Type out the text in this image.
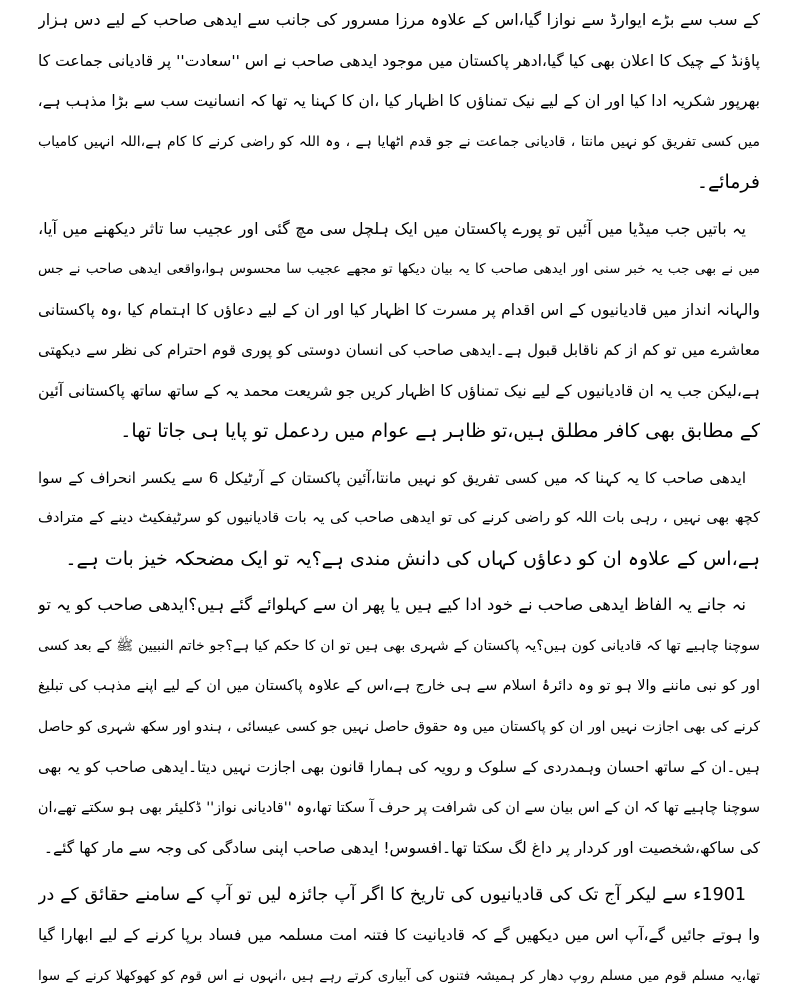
کے سب سے بڑے ایوارڈ سے نوازا گیا،اس کے علاوہ مرزا مسرور کی جانب سے ایدھی صاحب کے لیے دس ہزار
پاؤنڈ کے چیک کا اعلان بھی کیا گیا،ادھر پاکستان میں موجود ایدھی صاحب نے اس ''سعادت'' پر قادیانی جماعت کا
بھرپور شکریہ ادا کیا اور ان کے لیے نیک تمناؤں کا اظہار کیا ،ان کا کہنا یہ تھا کہ انسانیت سب سے بڑا مذہب ہے،
میں کسی تفریق کو نہیں مانتا ، قادیانی جماعت نے جو قدم اٹھایا ہے ، وہ اللہ کو راضی کرنے کا کام ہے،اللہ انہیں کامیاب
فرمائے۔
یہ باتیں جب میڈیا میں آئیں تو پورے پاکستان میں ایک ہلچل سی مچ گئی اور عجیب سا تاثر دیکھنے میں آیا،
میں نے بھی جب یہ خبر سنی اور ایدھی صاحب کا یہ بیان دیکھا تو مجھے عجیب سا محسوس ہوا،واقعی ایدھی صاحب نے جس
والہانہ انداز میں قادیانیوں کے اس اقدام پر مسرت کا اظہار کیا اور ان کے لیے دعاؤں کا اہتمام کیا ،وہ پاکستانی
معاشرے میں تو کم از کم ناقابل قبول ہے۔ایدھی صاحب کی انسان دوستی کو پوری قوم احترام کی نظر سے دیکھتی
ہے،لیکن جب یہ ان قادیانیوں کے لیے نیک تمناؤں کا اظہار کریں جو شریعت محمد یہ کے ساتھ ساتھ پاکستانی آئین
کے مطابق بھی کافر مطلق ہیں،تو ظاہر ہے عوام میں ردعمل تو پایا ہی جاتا تھا۔
ایدھی صاحب کا یہ کہنا کہ میں کسی تفریق کو نہیں مانتا،آئین پاکستان کے آرٹیکل 6 سے یکسر انحراف کے سوا
کچھ بھی نہیں ، رہی بات اللہ کو راضی کرنے کی تو ایدھی صاحب کی یہ بات قادیانیوں کو سرٹیفکیٹ دینے کے مترادف
ہے،اس کے علاوہ ان کو دعاؤں کہاں کی دانش مندی ہے؟یہ تو ایک مضحکہ خیز بات ہے۔
نہ جانے یہ الفاظ ایدھی صاحب نے خود ادا کیے ہیں یا پھر ان سے کہلوائے گئے ہیں؟ایدھی صاحب کو یہ تو
سوچنا چاہیے تھا کہ قادیانی کون ہیں؟یہ پاکستان کے شہری بھی ہیں تو ان کا حکم کیا ہے؟جو خاتم النبیین ﷺ کے بعد کسی
اور کو نبی ماننے والا ہو تو وہ دائرۂ اسلام سے ہی خارج ہے،اس کے علاوہ پاکستان میں ان کے لیے اپنے مذہب کی تبلیغ
کرنے کی بھی اجازت نہیں اور ان کو پاکستان میں وہ حقوق حاصل نہیں جو کسی عیسائی ، ہندو اور سکھ شہری کو حاصل
ہیں۔ان کے ساتھ احسان وہمدردی کے سلوک و رویہ کی ہمارا قانون بھی اجازت نہیں دیتا۔ایدھی صاحب کو یہ بھی
سوچنا چاہیے تھا کہ ان کے اس بیان سے ان کی شرافت پر حرف آ سکتا تھا،وہ ''قادیانی نواز'' ڈکلیئر بھی ہو سکتے تھے،ان
کی ساکھ،شخصیت اور کردار پر داغ لگ سکتا تھا۔افسوس! ایدھی صاحب اپنی سادگی کی وجہ سے مار کھا گئے۔
1901ء سے لیکر آج تک کی قادیانیوں کی تاریخ کا اگر آپ جائزہ لیں تو آپ کے سامنے حقائق کے در
وا ہوتے جائیں گے،آپ اس میں دیکھیں گے کہ قادیانیت کا فتنہ امت مسلمہ میں فساد برپا کرنے کے لیے ابھارا گیا
تھا،یہ مسلم قوم میں مسلم روپ دھار کر ہمیشہ فتنوں کی آبیاری کرتے رہے ہیں ،انہوں نے اس قوم کو کھوکھلا کرنے کے سوا
